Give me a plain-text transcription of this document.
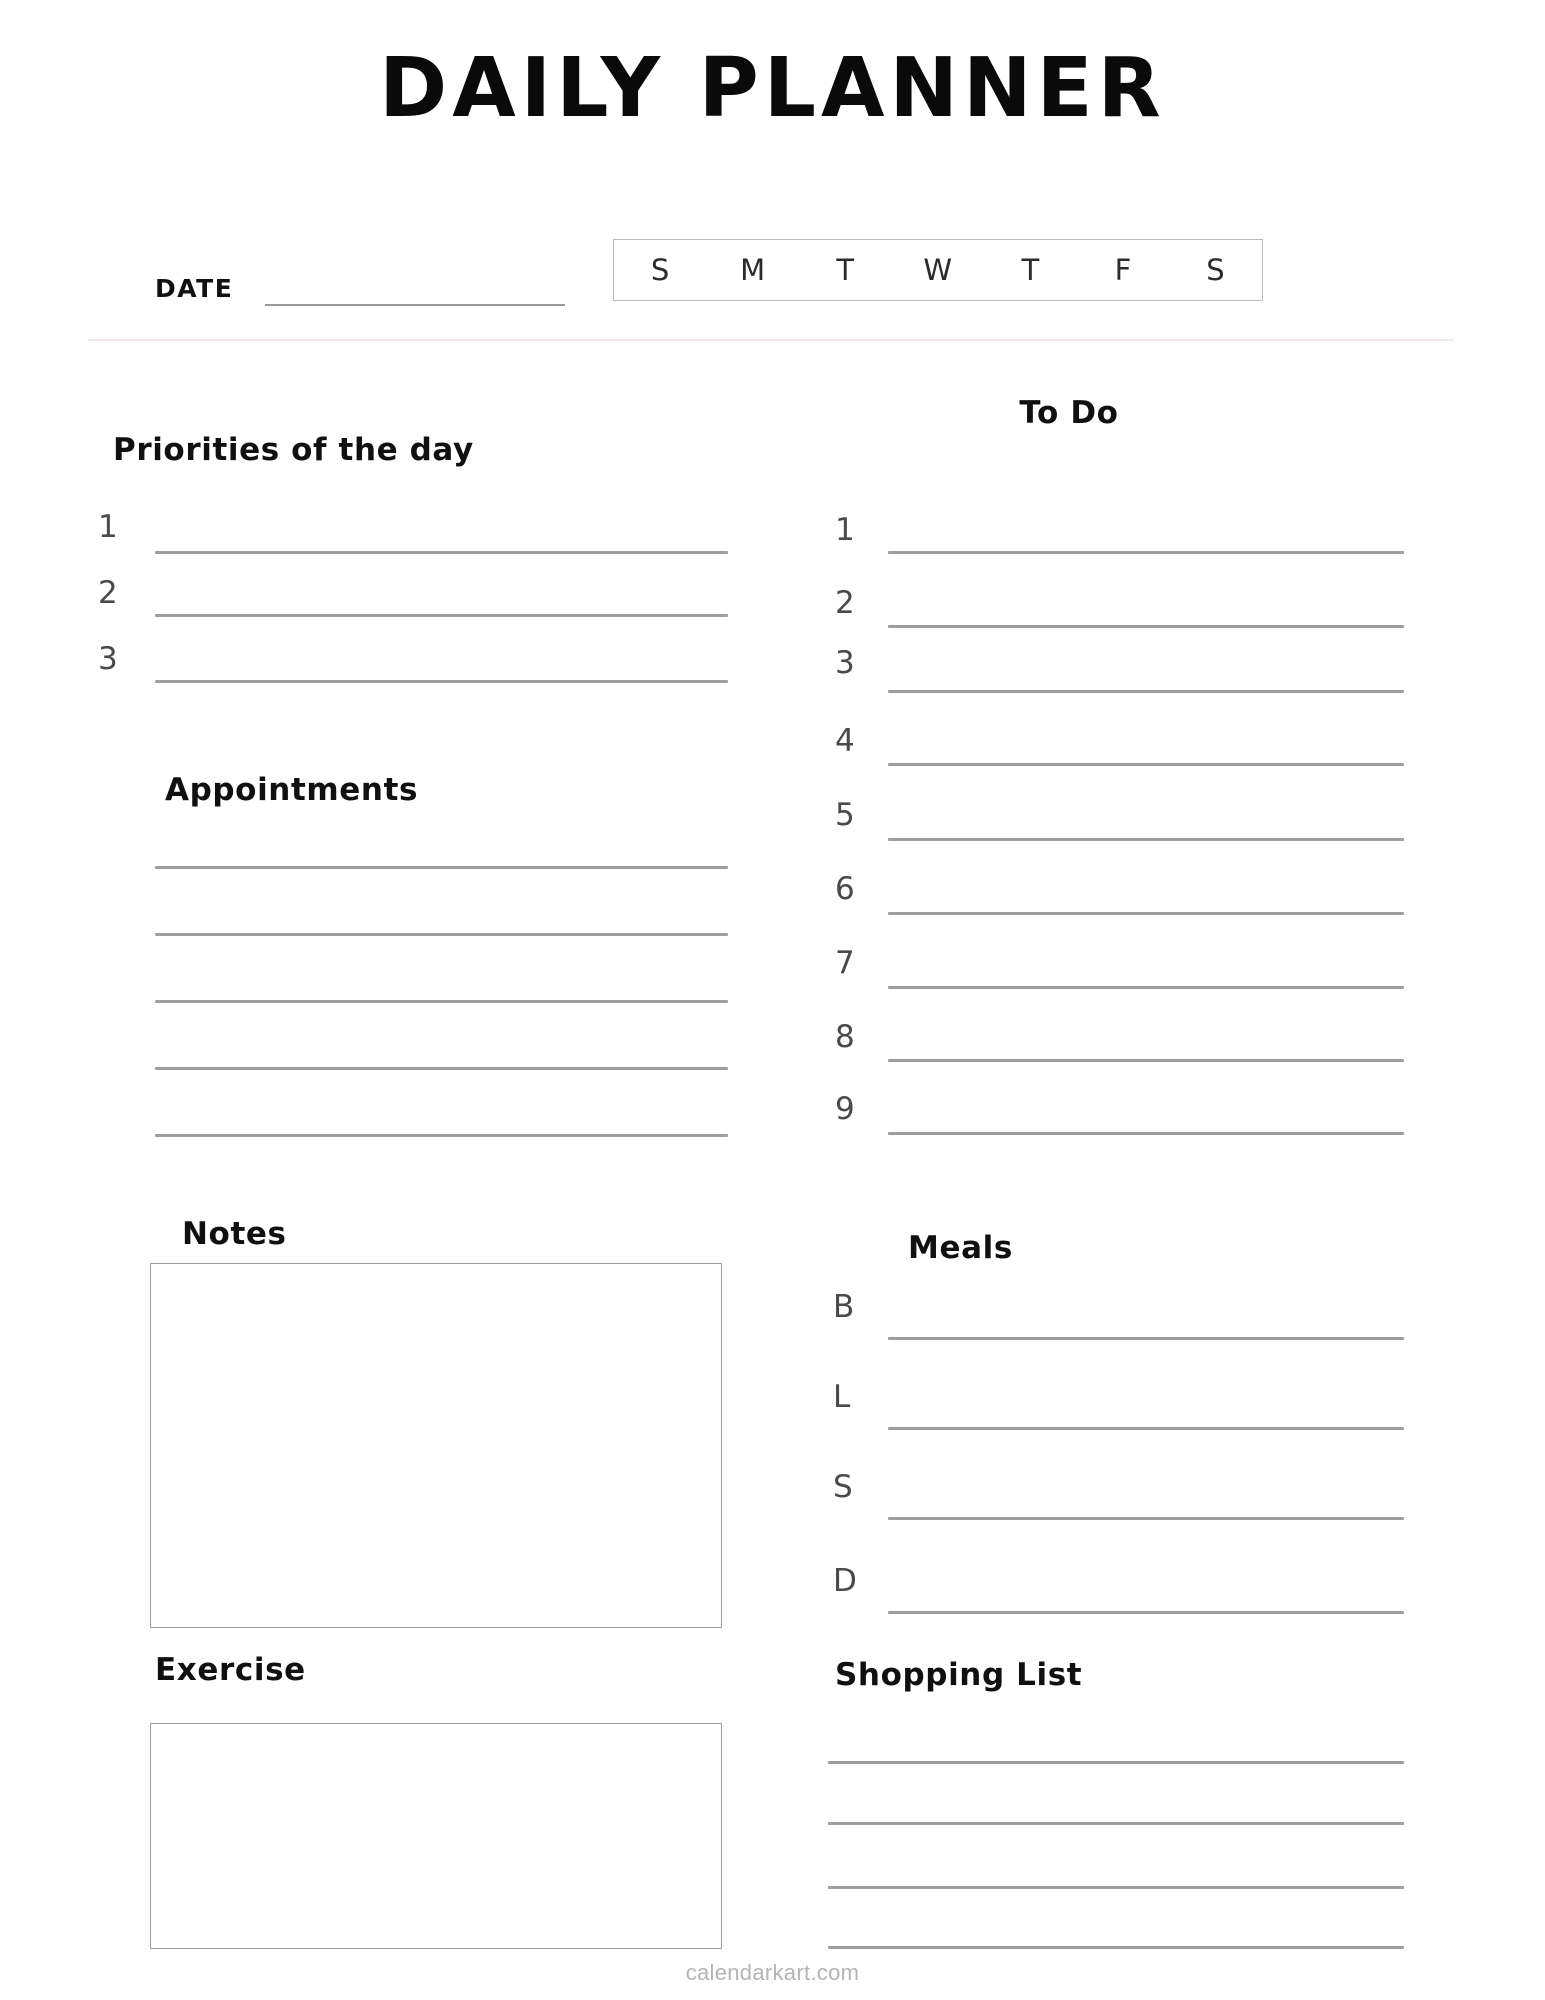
DAILY PLANNER
DATE
S	M	T	W	T	F	S
Priorities of the day
1
2
3
Appointments
Notes
Exercise
To Do
1
2
3
4
5
6
7
8
9
Meals
B
L
S
D
Shopping List
calendarkart.com
